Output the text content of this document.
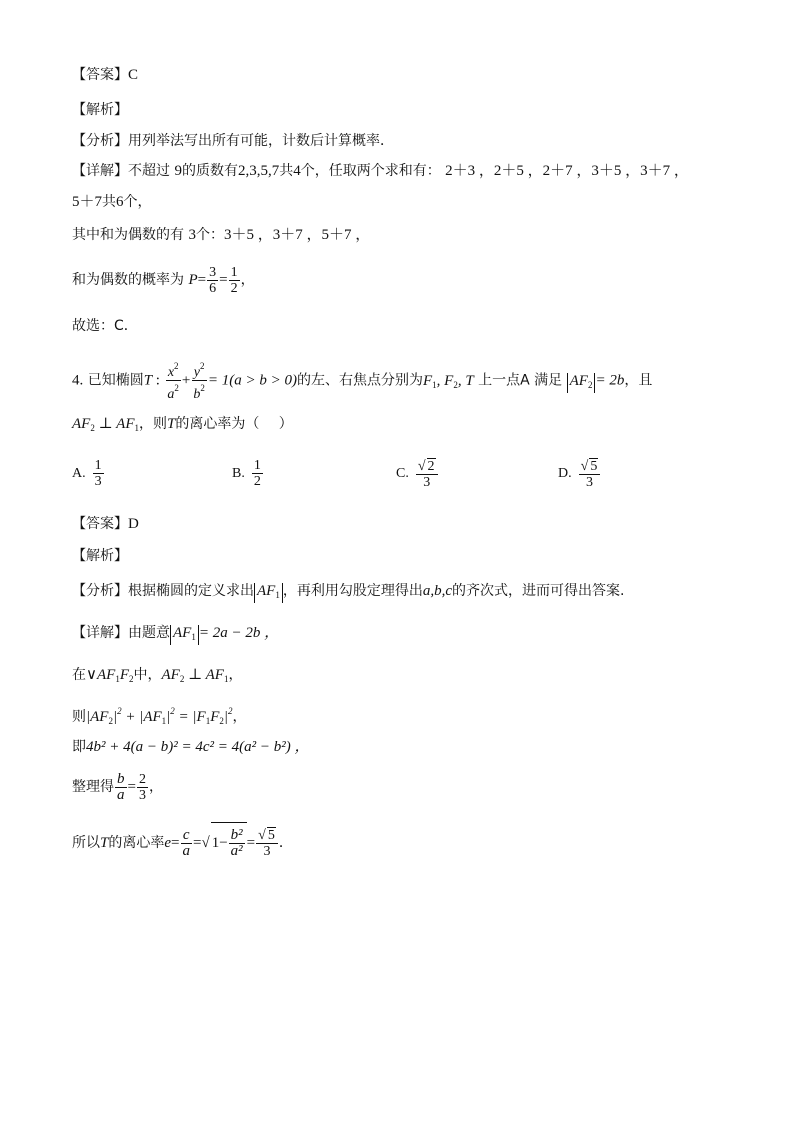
【答案】C
【解析】
【分析】用列举法写出所有可能，计数后计算概率．
【详解】不超过 9的质数有2,3,5,7共4个，任取两个求和有： 2＋3 ，2＋5 ，2＋7 ，3＋5 ，3＋7 ，
5＋7共6个，
其中和为偶数的有 3个：3＋5 ，3＋7 ，5＋7 ，
和为偶数的概率为 $P= \frac{3}{6} = \frac{1}{2}$ ，
故选：C．
4. 已知椭圆T : $\frac{x^2}{a^2} + \frac{y^2}{b^2} = 1(a > b > 0)$的左、右焦点分别为$F_1$, $F_2$, T 上一点A 满足 $AF_2 = 2b$，且
$AF_2$ ⊥ $AF_1$，则T的离心率为（ ）
A. $\frac{1}{3}$	B. $\frac{1}{2}$	C. $\frac{√ 2}{3}$	D. $\frac{√ 5}{3}$
【答案】D
【解析】
【分析】根据椭圆的定义求出 $AF_1$ ，再利用勾股定理得出a,b,c的齐次式，进而可得出答案.
【详解】由题意 $AF_1 = 2a - 2b$ ，
在$\vee AF_1F_2$中，$AF_2$ ⊥ $AF_1$，
则$|AF_2|^2 + |AF_1|^2 = |F_1F_2|^2$，
即4b² + 4(a − b)² = 4c² = 4(a² − b²) ，
整理得 $\frac{b}{a} = \frac{2}{3}$ ，
所以T的离心率$e= \frac{c}{a}$ =√ $1- \frac{\text{b²}}{\text{a²}} = \frac{√ 5}{3}$ ．
